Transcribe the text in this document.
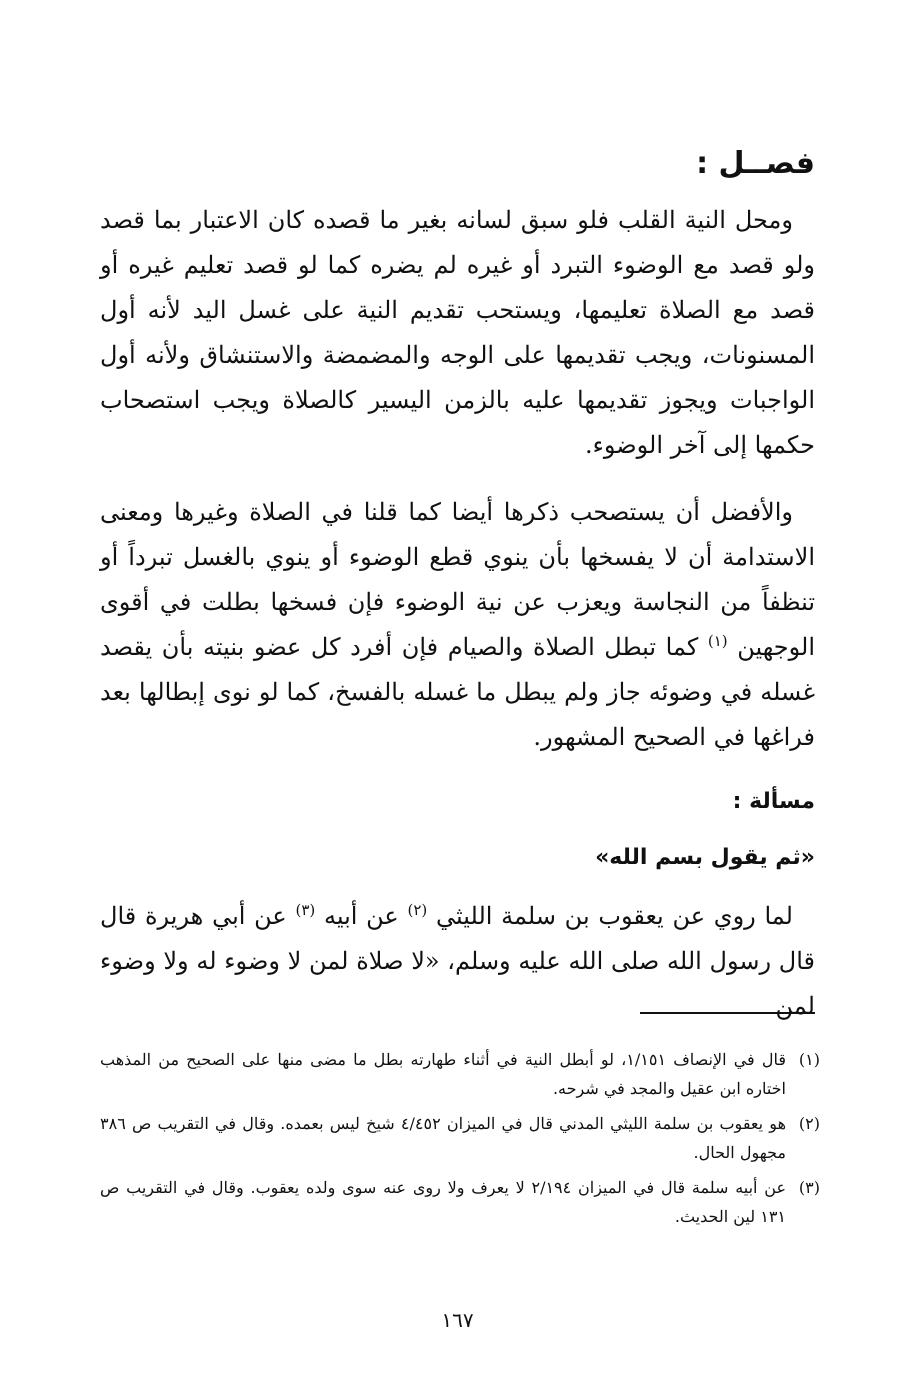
فصــل :

ومحل النية القلب فلو سبق لسانه بغير ما قصده كان الاعتبار بما قصد ولو قصد مع الوضوء التبرد أو غيره لم يضره كما لو قصد تعليم غيره أو قصد مع الصلاة تعليمها، ويستحب تقديم النية على غسل اليد لأنه أول المسنونات، ويجب تقديمها على الوجه والمضمضة والاستنشاق ولأنه أول الواجبات ويجوز تقديمها عليه بالزمن اليسير كالصلاة ويجب استصحاب حكمها إلى آخر الوضوء.

والأفضل أن يستصحب ذكرها أيضا كما قلنا في الصلاة وغيرها ومعنى الاستدامة أن لا يفسخها بأن ينوي قطع الوضوء أو ينوي بالغسل تبرداً أو تنظفاً من النجاسة ويعزب عن نية الوضوء فإن فسخها بطلت في أقوى الوجهين $^{(١)}$ كما تبطل الصلاة والصيام فإن أفرد كل عضو بنيته بأن يقصد غسله في وضوئه جاز ولم يبطل ما غسله بالفسخ، كما لو نوى إبطالها بعد فراغها في الصحيح المشهور.

مسألة :
«ثم يقول بسم الله»

لما روي عن يعقوب بن سلمة الليثي $^{(٢)}$ عن أبيه $^{(٣)}$ عن أبي هريرة قال قال رسول الله صلى الله عليه وسلم، «لا صلاة لمن لا وضوء له ولا وضوء لمن

(١)
قال في الإنصاف ١/١٥١، لو أبطل النية في أثناء طهارته بطل ما مضى منها على الصحيح من المذهب اختاره ابن عقيل والمجد في شرحه.
(٢)
هو يعقوب بن سلمة الليثي المدني قال في الميزان ٤/٤٥٢ شيخ ليس بعمده. وقال في التقريب ص ٣٨٦ مجهول الحال.
(٣)
عن أبيه سلمة قال في الميزان ٢/١٩٤ لا يعرف ولا روى عنه سوى ولده يعقوب. وقال في التقريب ص ١٣١ لين الحديث.
١٦٧
